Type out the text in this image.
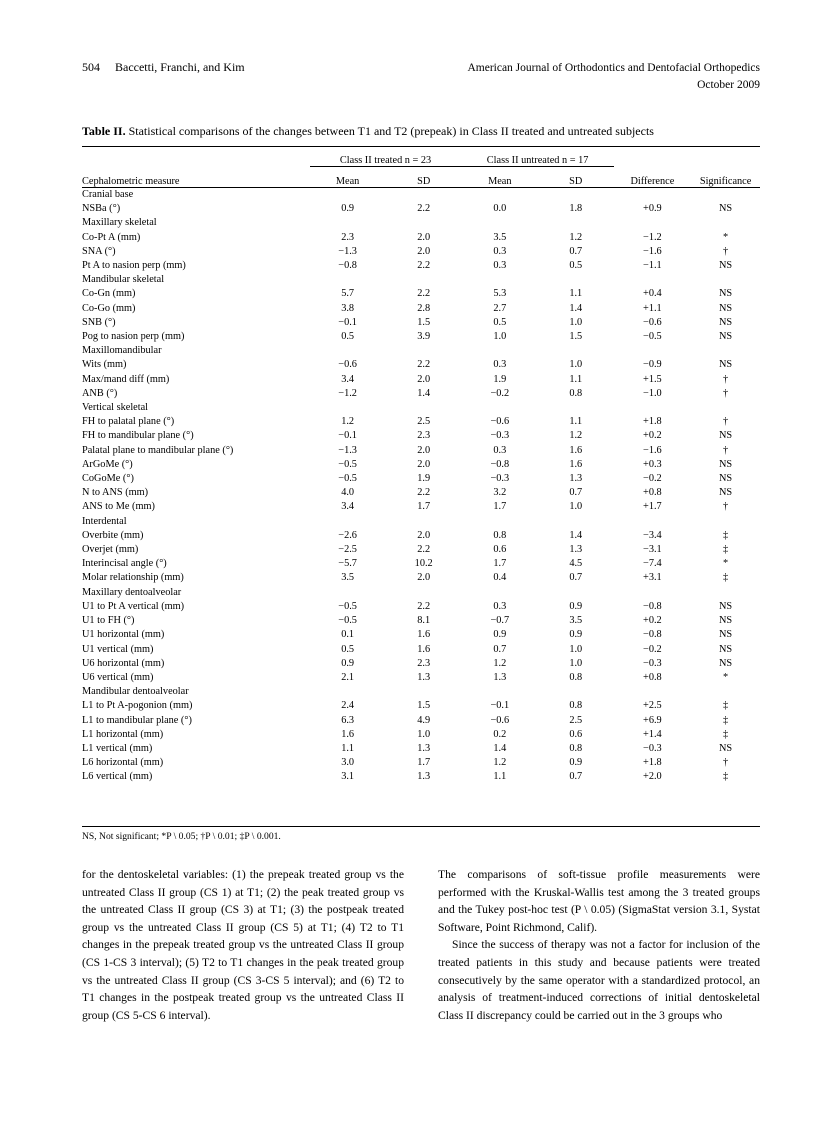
504 Baccetti, Franchi, and Kim	American Journal of Orthodontics and Dentofacial Orthopedics
October 2009
Table II. Statistical comparisons of the changes between T1 and T2 (prepeak) in Class II treated and untreated subjects
	Class II treated n = 23		Class II untreated n = 17			
Cephalometric measure	Mean	SD	Mean	SD	Difference	Significance
Cranial base						
NSBa (°)	0.9	2.2	0.0	1.8	+0.9	NS
Maxillary skeletal						
Co-Pt A (mm)	2.3	2.0	3.5	1.2	−1.2	*
SNA (°)	−1.3	2.0	0.3	0.7	−1.6	†
Pt A to nasion perp (mm)	−0.8	2.2	0.3	0.5	−1.1	NS
Mandibular skeletal						
Co-Gn (mm)	5.7	2.2	5.3	1.1	+0.4	NS
Co-Go (mm)	3.8	2.8	2.7	1.4	+1.1	NS
SNB (°)	−0.1	1.5	0.5	1.0	−0.6	NS
Pog to nasion perp (mm)	0.5	3.9	1.0	1.5	−0.5	NS
Maxillomandibular						
Wits (mm)	−0.6	2.2	0.3	1.0	−0.9	NS
Max/mand diff (mm)	3.4	2.0	1.9	1.1	+1.5	†
ANB (°)	−1.2	1.4	−0.2	0.8	−1.0	†
Vertical skeletal						
FH to palatal plane (°)	1.2	2.5	−0.6	1.1	+1.8	†
FH to mandibular plane (°)	−0.1	2.3	−0.3	1.2	+0.2	NS
Palatal plane to mandibular plane (°)	−1.3	2.0	0.3	1.6	−1.6	†
ArGoMe (°)	−0.5	2.0	−0.8	1.6	+0.3	NS
CoGoMe (°)	−0.5	1.9	−0.3	1.3	−0.2	NS
N to ANS (mm)	4.0	2.2	3.2	0.7	+0.8	NS
ANS to Me (mm)	3.4	1.7	1.7	1.0	+1.7	†
Interdental						
Overbite (mm)	−2.6	2.0	0.8	1.4	−3.4	‡
Overjet (mm)	−2.5	2.2	0.6	1.3	−3.1	‡
Interincisal angle (°)	−5.7	10.2	1.7	4.5	−7.4	*
Molar relationship (mm)	3.5	2.0	0.4	0.7	+3.1	‡
Maxillary dentoalveolar						
U1 to Pt A vertical (mm)	−0.5	2.2	0.3	0.9	−0.8	NS
U1 to FH (°)	−0.5	8.1	−0.7	3.5	+0.2	NS
U1 horizontal (mm)	0.1	1.6	0.9	0.9	−0.8	NS
U1 vertical (mm)	0.5	1.6	0.7	1.0	−0.2	NS
U6 horizontal (mm)	0.9	2.3	1.2	1.0	−0.3	NS
U6 vertical (mm)	2.1	1.3	1.3	0.8	+0.8	*
Mandibular dentoalveolar						
L1 to Pt A-pogonion (mm)	2.4	1.5	−0.1	0.8	+2.5	‡
L1 to mandibular plane (°)	6.3	4.9	−0.6	2.5	+6.9	‡
L1 horizontal (mm)	1.6	1.0	0.2	0.6	+1.4	‡
L1 vertical (mm)	1.1	1.3	1.4	0.8	−0.3	NS
L6 horizontal (mm)	3.0	1.7	1.2	0.9	+1.8	†
L6 vertical (mm)	3.1	1.3	1.1	0.7	+2.0	‡
NS, Not significant; *P \ 0.05; †P \ 0.01; ‡P \ 0.001.

for the dentoskeletal variables: (1) the prepeak treated group vs the untreated Class II group (CS 1) at T1; (2) the peak treated group vs the untreated Class II group (CS 3) at T1; (3) the postpeak treated group vs the untreated Class II group (CS 5) at T1; (4) T2 to T1 changes in the prepeak treated group vs the untreated Class II group (CS 1-CS 3 interval); (5) T2 to T1 changes in the peak treated group vs the untreated Class II group (CS 3-CS 5 interval); and (6) T2 to T1 changes in the postpeak treated group vs the untreated Class II group (CS 5-CS 6 interval).

The comparisons of soft-tissue profile measurements were performed with the Kruskal-Wallis test among the 3 treated groups and the Tukey post-hoc test (P \ 0.05) (SigmaStat version 3.1, Systat Software, Point Richmond, Calif).

Since the success of therapy was not a factor for inclusion of the treated patients in this study and because patients were treated consecutively by the same operator with a standardized protocol, an analysis of treatment-induced corrections of initial dentoskeletal Class II discrepancy could be carried out in the 3 groups who
